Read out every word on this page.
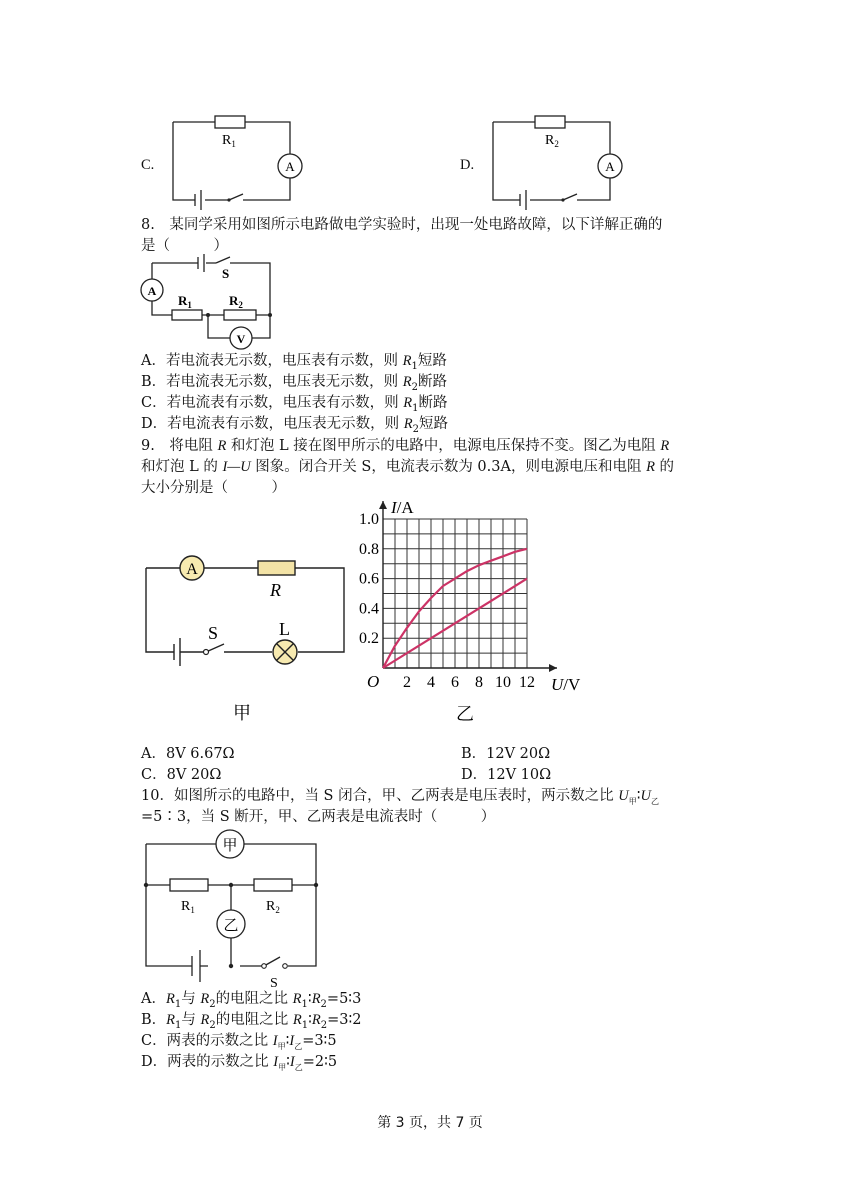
C.
$R_1$
A	D.
$R_2$
A
8.　某同学采用如图所示电路做电学实验时，出现一处电路故障，以下详解正确的
是（　　　）
S
A
V
$R_1$	$R_2$
A．若电流表无示数，电压表有示数，则 $R_1$短路
B．若电流表无示数，电压表无示数，则 $R_2$断路
C．若电流表有示数，电压表有示数，则 $R_1$断路
D．若电流表有示数，电压表无示数，则 $R_2$短路
9.　将电阻 R 和灯泡 L 接在图甲所示的电路中，电源电压保持不变。图乙为电阻 R
和灯泡 L 的 I—U 图象。闭合开关 S，电流表示数为 0.3A，则电源电压和电阻 R 的
大小分别是（　　　）
A
R
S	L
甲
2 4 6 8 10 12
0.2
0.4
0.6
0.8
1.0
I/A
U/V
O
乙
A．8V 6.67Ω	B．12V 20Ω
C．8V 20Ω	D．12V 10Ω
10．如图所示的电路中，当 S 闭合，甲、乙两表是电压表时，两示数之比 $U_甲∶U_乙$
=5∶3，当 S 断开，甲、乙两表是电流表时（　　　）
甲
乙
$R_1$	$R_2$
S
A．$R_1$与 $R_2$的电阻之比 $R_1∶R_2=5∶3$
B．$R_1$与 $R_2$的电阻之比 $R_1∶R_2=3∶2$
C．两表的示数之比 $I_甲∶I_乙=3∶5$
D．两表的示数之比 $I_甲∶I_乙=2∶5$
第 3 页，共 7 页
